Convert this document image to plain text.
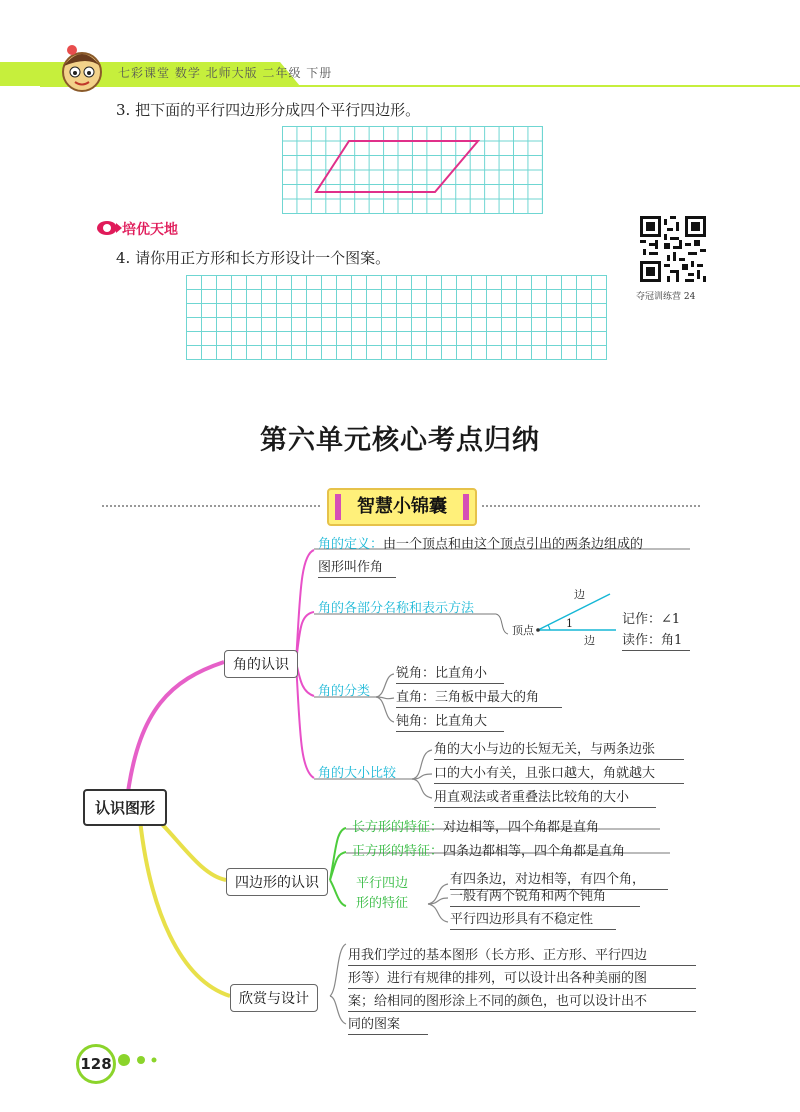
七彩课堂 数学 北师大版 二年级 下册
3. 把下面的平行四边形分成四个平行四边形。
培优天地
4. 请你用正方形和长方形设计一个图案。
夺冠训练营 24
第六单元核心考点归纳
智慧小锦囊
认识图形
角的认识
角的定义：由一个顶点和由这个顶点引出的两条边组成的
图形叫作角
角的各部分名称和表示方法
边
顶点
1
边
记作：∠1
读作：角1
角的分类
锐角：比直角小
直角：三角板中最大的角
钝角：比直角大
角的大小比较
角的大小与边的长短无关，与两条边张
口的大小有关，且张口越大，角就越大
用直观法或者重叠法比较角的大小
四边形的认识
长方形的特征：对边相等，四个角都是直角
正方形的特征：四条边都相等，四个角都是直角
平行四边
形的特征
有四条边，对边相等，有四个角，
一般有两个锐角和两个钝角
平行四边形具有不稳定性
欣赏与设计
用我们学过的基本图形（长方形、正方形、平行四边
形等）进行有规律的排列，可以设计出各种美丽的图
案；给相同的图形涂上不同的颜色，也可以设计出不
同的图案
128
